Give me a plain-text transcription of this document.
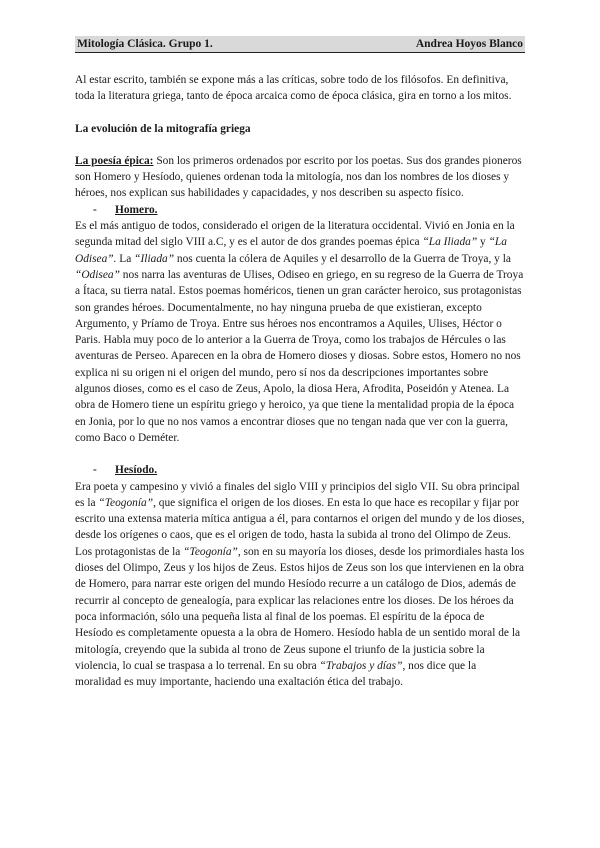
Mitología Clásica. Grupo 1.	Andrea Hoyos Blanco

Al estar escrito, también se expone más a las críticas, sobre todo de los filósofos. En definitiva, toda la literatura griega, tanto de época arcaica como de época clásica, gira en torno a los mitos.

La evolución de la mitografía griega

La poesía épica: Son los primeros ordenados por escrito por los poetas. Sus dos grandes pioneros son Homero y Hesíodo, quienes ordenan toda la mitología, nos dan los nombres de los dioses y héroes, nos explican sus habilidades y capacidades, y nos describen su aspecto físico.

-	Homero.

Es el más antiguo de todos, considerado el origen de la literatura occidental. Vivió en Jonia en la segunda mitad del siglo VIII a.C, y es el autor de dos grandes poemas épica “La Iliada” y “La Odisea”. La “Iliada” nos cuenta la cólera de Aquiles y el desarrollo de la Guerra de Troya, y la “Odisea” nos narra las aventuras de Ulises, Odiseo en griego, en su regreso de la Guerra de Troya a Ítaca, su tierra natal. Estos poemas homéricos, tienen un gran carácter heroico, sus protagonistas son grandes héroes. Documentalmente, no hay ninguna prueba de que existieran, excepto Argumento, y Príamo de Troya. Entre sus héroes nos encontramos a Aquiles, Ulises, Héctor o Paris. Habla muy poco de lo anterior a la Guerra de Troya, como los trabajos de Hércules o las aventuras de Perseo. Aparecen en la obra de Homero dioses y diosas. Sobre estos, Homero no nos explica ni su origen ni el origen del mundo, pero sí nos da descripciones importantes sobre algunos dioses, como es el caso de Zeus, Apolo, la diosa Hera, Afrodita, Poseidón y Atenea. La obra de Homero tiene un espíritu griego y heroico, ya que tiene la mentalidad propia de la época en Jonia, por lo que no nos vamos a encontrar dioses que no tengan nada que ver con la guerra, como Baco o Deméter.

-	Hesíodo.

Era poeta y campesino y vivió a finales del siglo VIII y principios del siglo VII. Su obra principal es la “Teogonía”, que significa el origen de los dioses. En esta lo que hace es recopilar y fijar por escrito una extensa materia mítica antigua a él, para contarnos el origen del mundo y de los dioses, desde los orígenes o caos, que es el origen de todo, hasta la subida al trono del Olimpo de Zeus. Los protagonistas de la “Teogonía”, son en su mayoría los dioses, desde los primordiales hasta los dioses del Olimpo, Zeus y los hijos de Zeus. Estos hijos de Zeus son los que intervienen en la obra de Homero, para narrar este origen del mundo Hesíodo recurre a un catálogo de Dios, además de recurrir al concepto de genealogía, para explicar las relaciones entre los dioses. De los héroes da poca información, sólo una pequeña lista al final de los poemas. El espíritu de la época de Hesíodo es completamente opuesta a la obra de Homero. Hesíodo habla de un sentido moral de la mitología, creyendo que la subida al trono de Zeus supone el triunfo de la justicia sobre la violencia, lo cual se traspasa a lo terrenal. En su obra “Trabajos y días”, nos dice que la moralidad es muy importante, haciendo una exaltación ética del trabajo.
